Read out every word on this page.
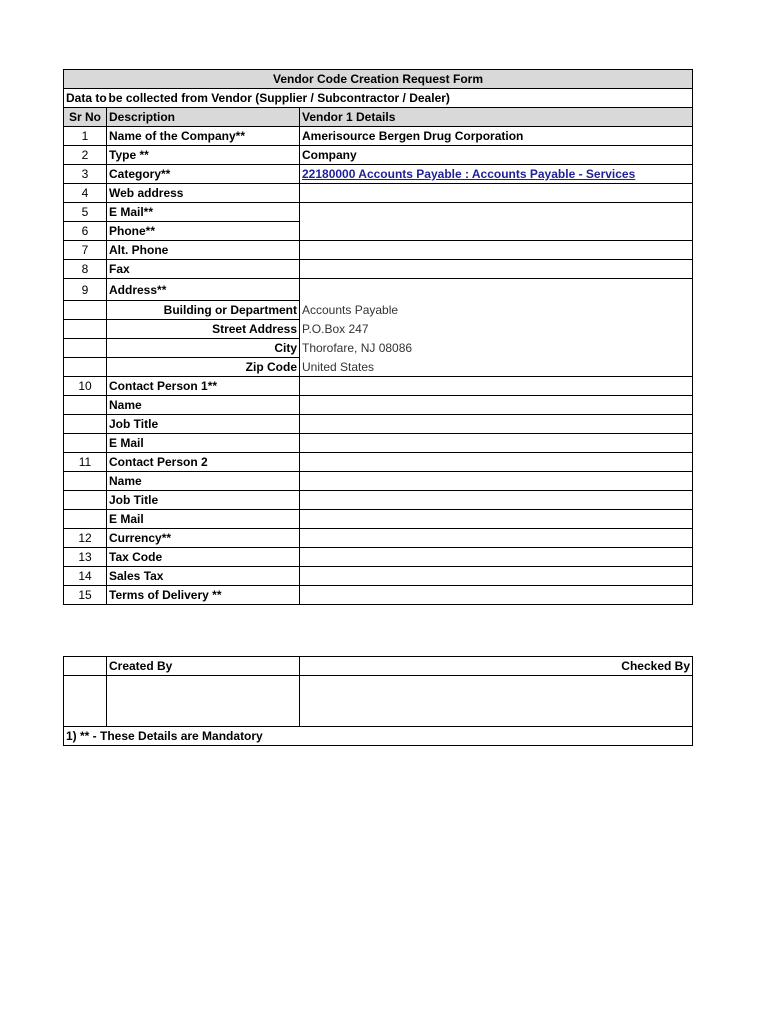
Vendor Code Creation Request Form		
Data to	be collected from Vendor (Supplier / Subcontractor / Dealer)	
Sr No	Description	Vendor 1 Details
1	Name of the Company**	Amerisource Bergen Drug Corporation
2	Type **	Company
3	Category**	22180000 Accounts Payable : Accounts Payable - Services
4	Web address	
5	E Mail**	
6	Phone**	
7	Alt. Phone	
8	Fax	
9	Address**	
	Building or Department	Accounts Payable
	Street Address	P.O.Box 247
	City	Thorofare, NJ 08086
	Zip Code	United States
10	Contact Person 1**	
	Name	
	Job Title	
	E Mail	
11	Contact Person 2	
	Name	
	Job Title	
	E Mail	
12	Currency**	
13	Tax Code	
14	Sales Tax	
15	Terms of Delivery **	
	Created By	Checked By

1) ** - These Details are Mandatory		
